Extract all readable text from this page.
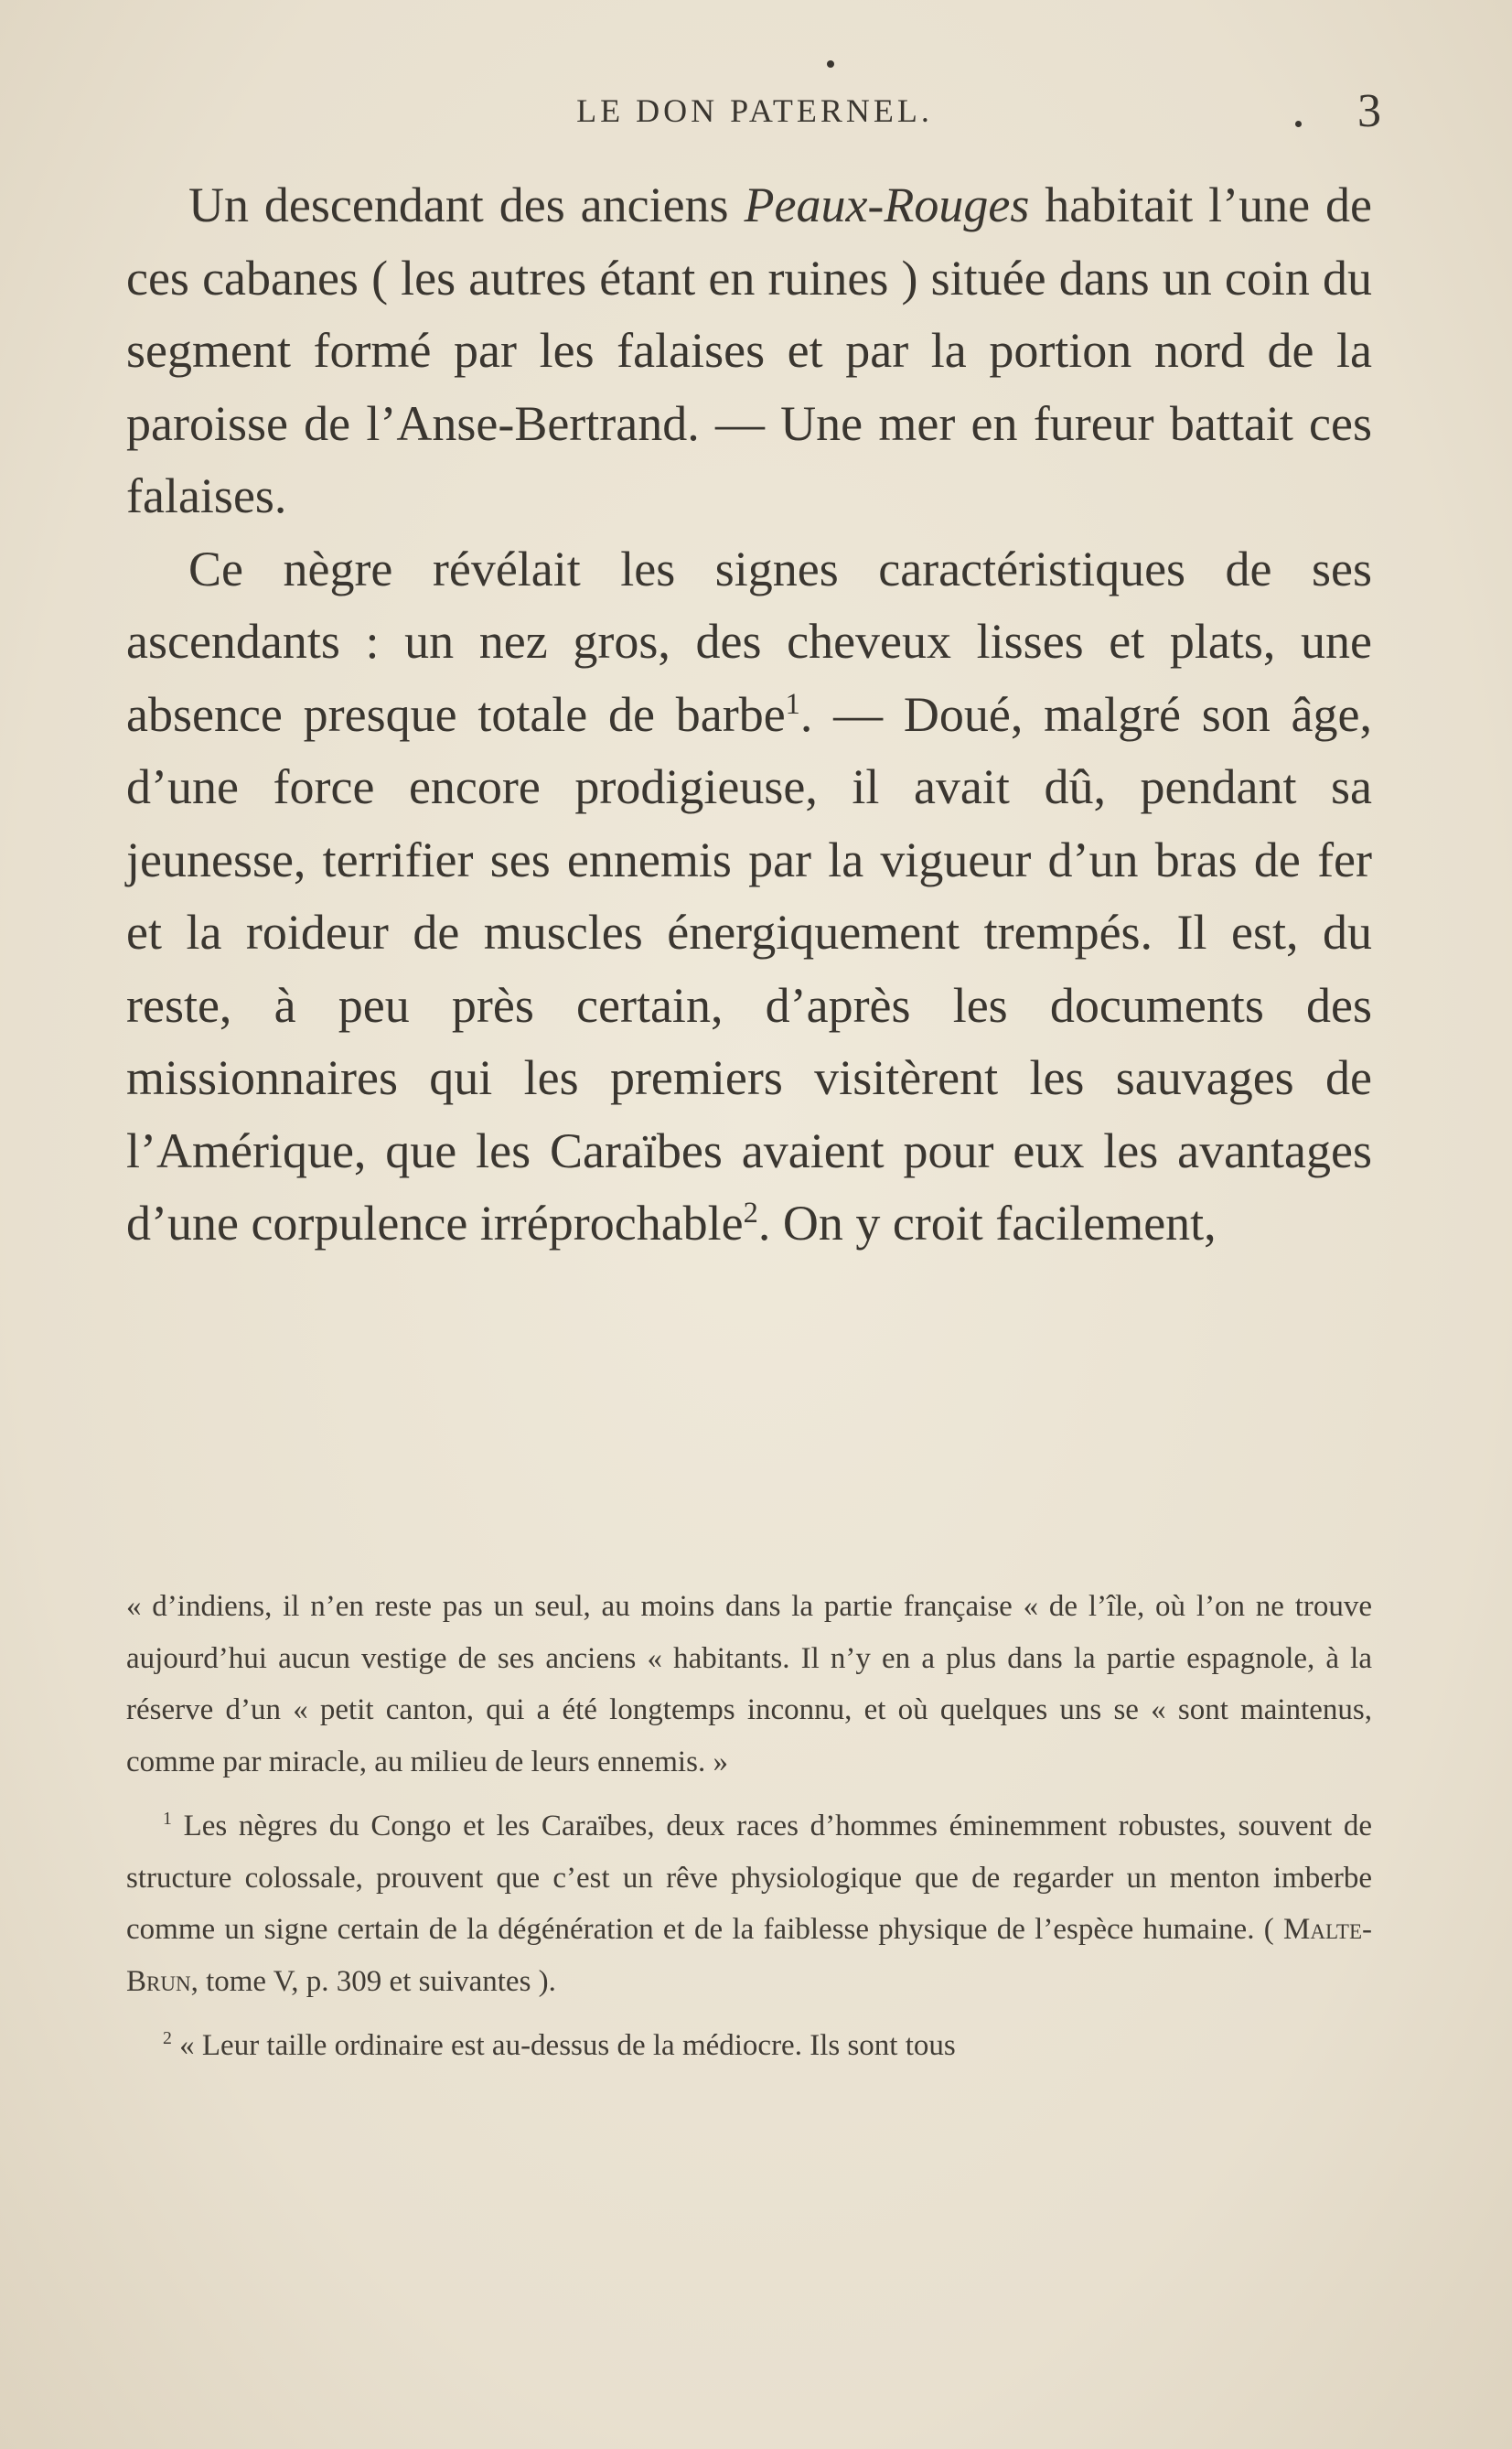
LE DON PATERNEL.	3

Un descendant des anciens Peaux-Rouges habitait l’une de ces cabanes ( les autres étant en ruines ) située dans un coin du segment formé par les falaises et par la portion nord de la paroisse de l’Anse-Bertrand. — Une mer en fureur battait ces falaises.

Ce nègre révélait les signes caractéristiques de ses ascendants : un nez gros, des cheveux lisses et plats, une absence presque totale de barbe$^1$. — Doué, malgré son âge, d’une force encore prodigieuse, il avait dû, pendant sa jeunesse, terrifier ses ennemis par la vigueur d’un bras de fer et la roideur de muscles énergiquement trempés. Il est, du reste, à peu près certain, d’après les documents des missionnaires qui les premiers visitèrent les sauvages de l’Amérique, que les Caraïbes avaient pour eux les avantages d’une corpulence irréprochable$^2$. On y croit facilement,

« d’indiens, il n’en reste pas un seul, au moins dans la partie française « de l’île, où l’on ne trouve aujourd’hui aucun vestige de ses anciens « habitants. Il n’y en a plus dans la partie espagnole, à la réserve d’un « petit canton, qui a été longtemps inconnu, et où quelques uns se « sont maintenus, comme par miracle, au milieu de leurs ennemis. »

$^1$ Les nègres du Congo et les Caraïbes, deux races d’hommes éminemment robustes, souvent de structure colossale, prouvent que c’est un rêve physiologique que de regarder un menton imberbe comme un signe certain de la dégénération et de la faiblesse physique de l’espèce humaine. ( Malte-Brun, tome V, p. 309 et suivantes ).

$^2$ « Leur taille ordinaire est au-dessus de la médiocre. Ils sont tous
